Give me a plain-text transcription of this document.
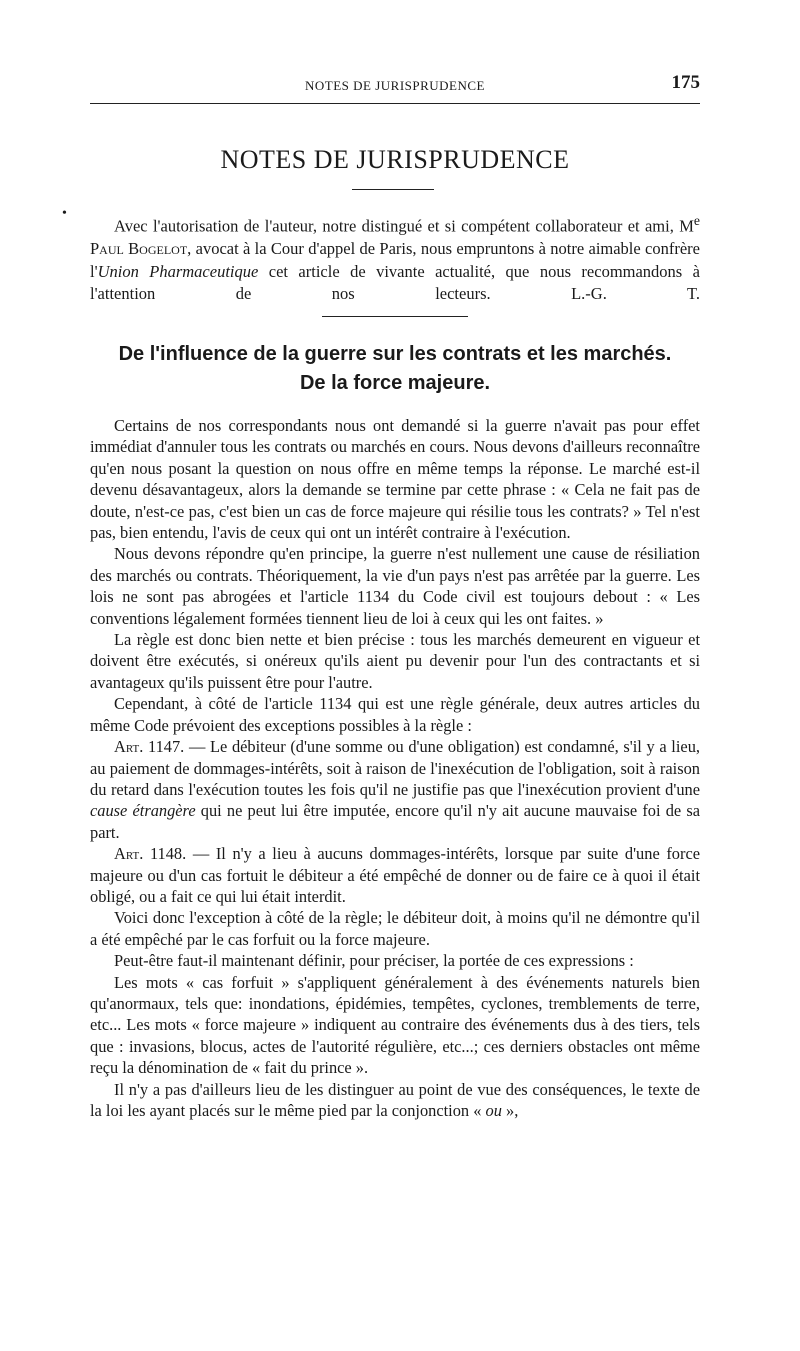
NOTES DE JURISPRUDENCE	175
NOTES DE JURISPRUDENCE
•

Avec l'autorisation de l'auteur, notre distingué et si compétent collaborateur et ami, Me Paul Bogelot, avocat à la Cour d'appel de Paris, nous empruntons à notre aimable confrère l'Union Pharmaceutique cet article de vivante actualité, que nous recommandons à l'attention de nos lecteurs. L.-G. T.

De l'influence de la guerre sur les contrats et les marchés.
De la force majeure.

Certains de nos correspondants nous ont demandé si la guerre n'avait pas pour effet immédiat d'annuler tous les contrats ou marchés en cours. Nous devons d'ailleurs reconnaître qu'en nous posant la question on nous offre en même temps la réponse. Le marché est-il devenu désavantageux, alors la demande se termine par cette phrase : « Cela ne fait pas de doute, n'est-ce pas, c'est bien un cas de force majeure qui résilie tous les contrats? » Tel n'est pas, bien entendu, l'avis de ceux qui ont un intérêt contraire à l'exécution.

Nous devons répondre qu'en principe, la guerre n'est nullement une cause de résiliation des marchés ou contrats. Théoriquement, la vie d'un pays n'est pas arrêtée par la guerre. Les lois ne sont pas abrogées et l'article 1134 du Code civil est toujours debout : « Les conventions légalement formées tiennent lieu de loi à ceux qui les ont faites. »

La règle est donc bien nette et bien précise : tous les marchés demeurent en vigueur et doivent être exécutés, si onéreux qu'ils aient pu devenir pour l'un des contractants et si avantageux qu'ils puissent être pour l'autre.

Cependant, à côté de l'article 1134 qui est une règle générale, deux autres articles du même Code prévoient des exceptions possibles à la règle :

Art. 1147. — Le débiteur (d'une somme ou d'une obligation) est condamné, s'il y a lieu, au paiement de dommages-intérêts, soit à raison de l'inexécution de l'obligation, soit à raison du retard dans l'exécution toutes les fois qu'il ne justifie pas que l'inexécution provient d'une cause étrangère qui ne peut lui être imputée, encore qu'il n'y ait aucune mauvaise foi de sa part.

Art. 1148. — Il n'y a lieu à aucuns dommages-intérêts, lorsque par suite d'une force majeure ou d'un cas fortuit le débiteur a été empêché de donner ou de faire ce à quoi il était obligé, ou a fait ce qui lui était interdit.

Voici donc l'exception à côté de la règle; le débiteur doit, à moins qu'il ne démontre qu'il a été empêché par le cas forfuit ou la force majeure.

Peut-être faut-il maintenant définir, pour préciser, la portée de ces expressions :

Les mots « cas forfuit » s'appliquent généralement à des événements naturels bien qu'anormaux, tels que: inondations, épidémies, tempêtes, cyclones, tremblements de terre, etc... Les mots « force majeure » indiquent au contraire des événements dus à des tiers, tels que : invasions, blocus, actes de l'autorité régulière, etc...; ces derniers obstacles ont même reçu la dénomination de « fait du prince ».

Il n'y a pas d'ailleurs lieu de les distinguer au point de vue des conséquences, le texte de la loi les ayant placés sur le même pied par la conjonction « ou »,
